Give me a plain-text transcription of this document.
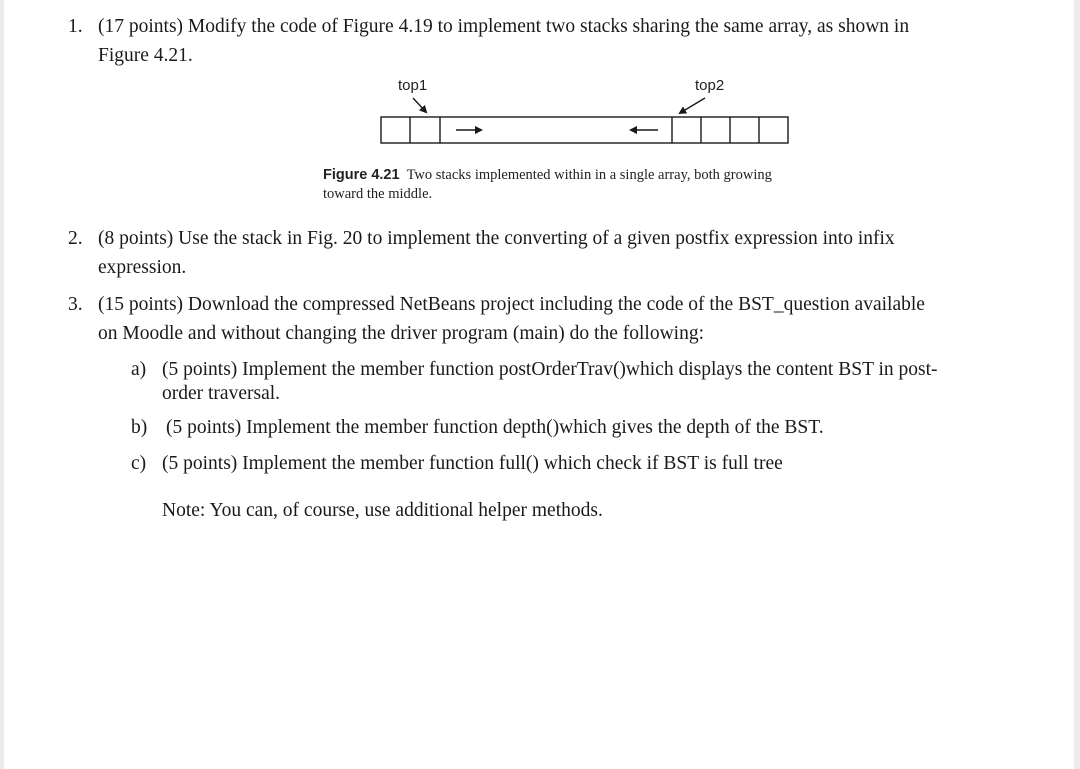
1. (17 points) Modify the code of Figure 4.19 to implement two stacks sharing the same array, as shown in
Figure 4.21.
top1	top2
Figure 4.21 Two stacks implemented within in a single array, both growing
toward the middle.
2. (8 points) Use the stack in Fig. 20 to implement the converting of a given postfix expression into infix
expression.
3. (15 points) Download the compressed NetBeans project including the code of the BST_question available
on Moodle and without changing the driver program (main) do the following:
a) (5 points) Implement the member function postOrderTrav()which displays the content BST in post-
order traversal.
b) (5 points) Implement the member function depth()which gives the depth of the BST.
c) (5 points) Implement the member function full() which check if BST is full tree
Note: You can, of course, use additional helper methods.
